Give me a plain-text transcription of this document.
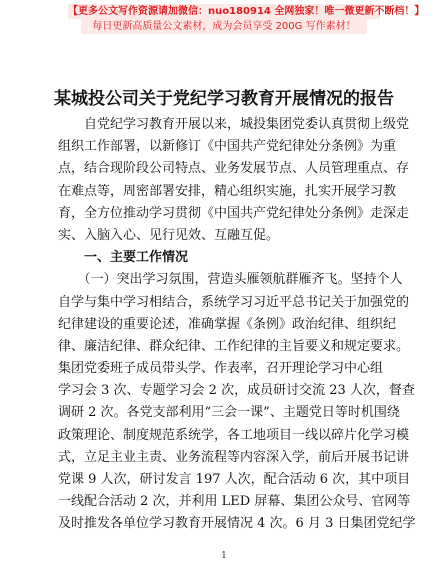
【更多公文写作资源请加微信：nuo180914 全网独家！唯一微更新不断档！】
每日更新高质量公文素材，成为会员享受 200G 写作素材！
某城投公司关于党纪学习教育开展情况的报告
　　自党纪学习教育开展以来，城投集团党委认真贯彻上级党
组织工作部署，以新修订《中国共产党纪律处分条例》为重
点，结合现阶段公司特点、业务发展节点、人员管理重点、存
在难点等，周密部署安排，精心组织实施，扎实开展学习教
育，全方位推动学习贯彻《中国共产党纪律处分条例》走深走
实、入脑入心、见行见效、互融互促。
　　一、主要工作情况
　　（一）突出学习氛围，营造头雁领航群雁齐飞。坚持个人
自学与集中学习相结合，系统学习习近平总书记关于加强党的
纪律建设的重要论述，准确掌握《条例》政治纪律、组织纪
律、廉洁纪律、群众纪律、工作纪律的主旨要义和规定要求。
集团党委班子成员带头学、作表率，召开理论学习中心组
学习会 3 次、专题学习会 2 次，成员研讨交流 23 人次，督查
调研 2 次。各党支部利用“三会一课”、主题党日等时机围绕
政策理论、制度规范系统学，各工地项目一线以碎片化学习模
式，立足主业主责、业务流程等内容深入学，前后开展书记讲
党课 9 人次，研讨发言 197 人次，配合活动 6 次，其中项目
一线配合活动 2 次，并利用 LED 屏幕、集团公众号、官网等
及时推发各单位学习教育开展情况 4 次。6 月 3 日集团党纪学
1
